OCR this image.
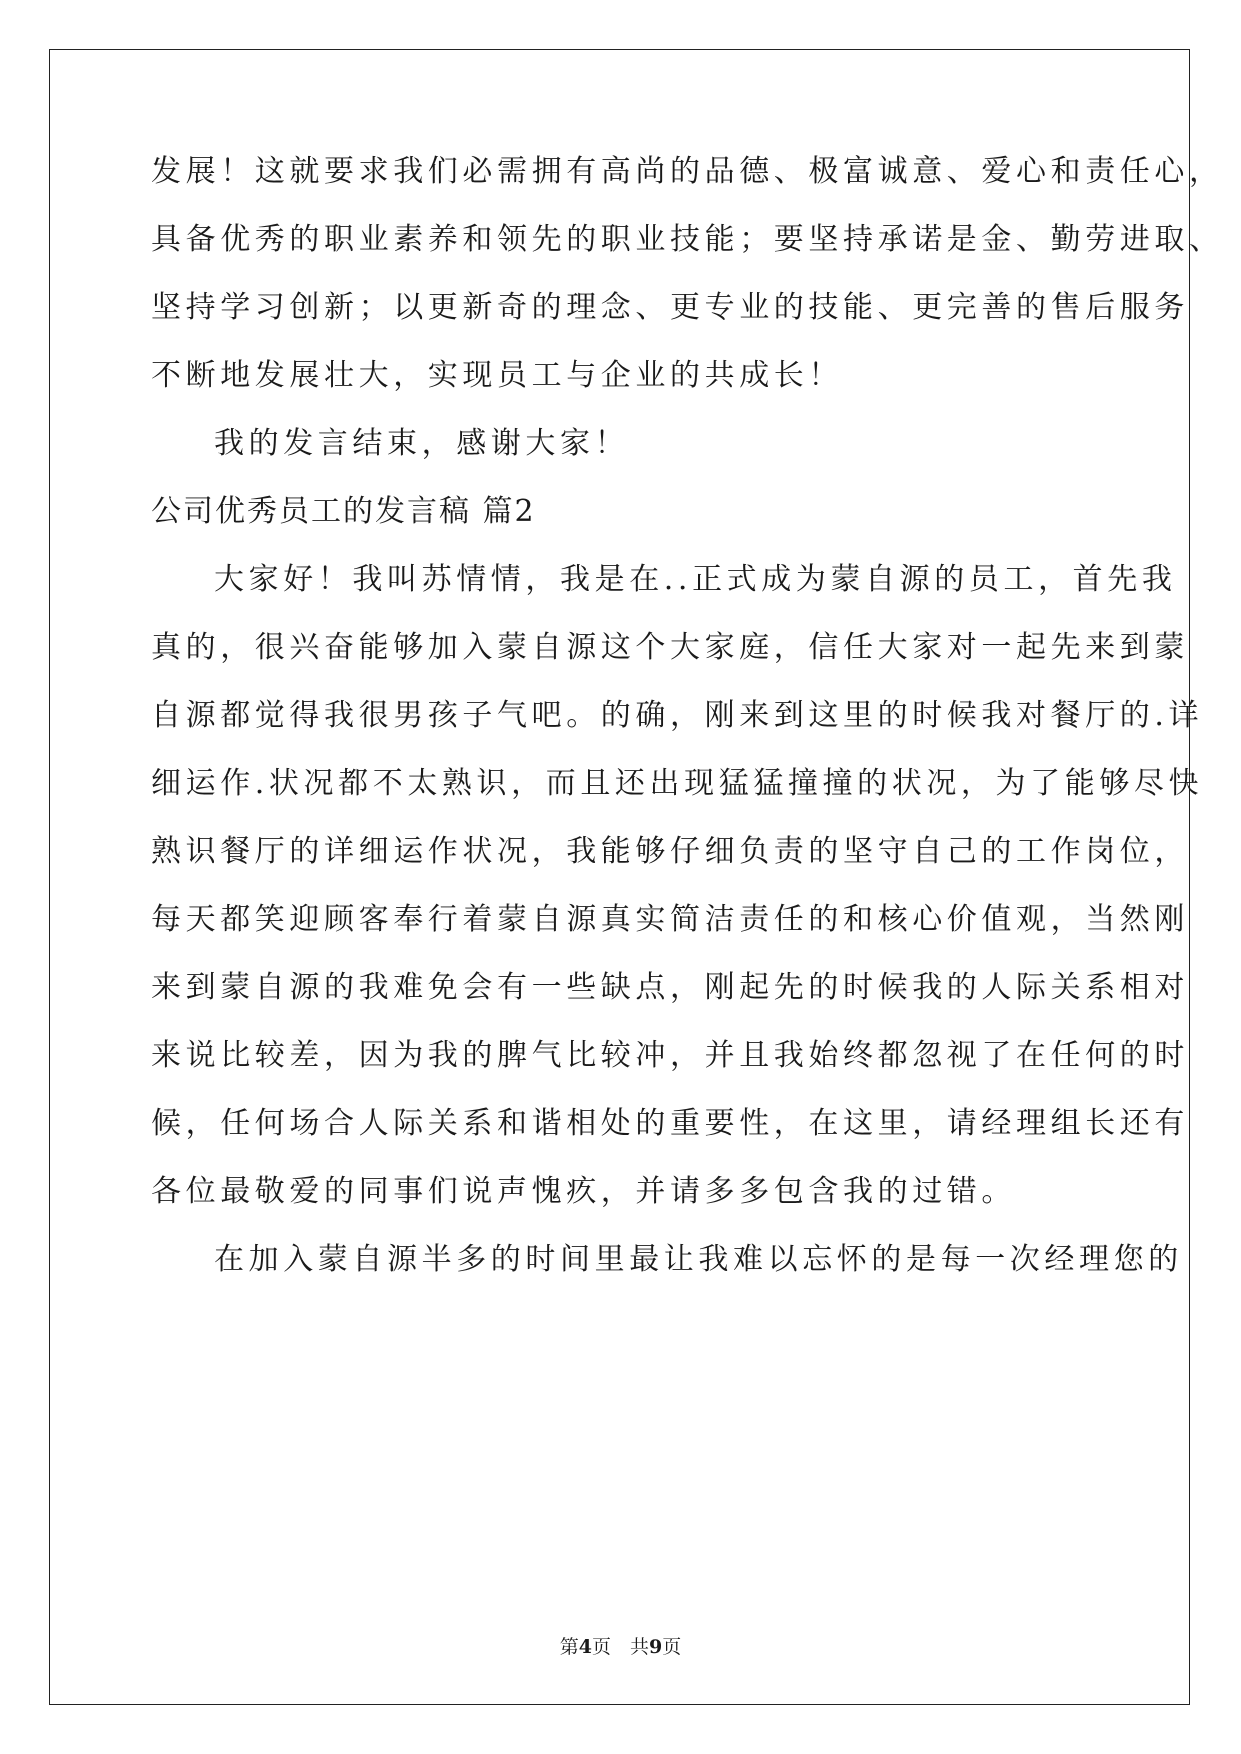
发展！这就要求我们必需拥有高尚的品德、极富诚意、爱心和责任心，
具备优秀的职业素养和领先的职业技能；要坚持承诺是金、勤劳进取、
坚持学习创新；以更新奇的理念、更专业的技能、更完善的售后服务
不断地发展壮大，实现员工与企业的共成长！
我的发言结束，感谢大家！
公司优秀员工的发言稿 篇2
大家好！我叫苏情情，我是在..正式成为蒙自源的员工，首先我
真的，很兴奋能够加入蒙自源这个大家庭，信任大家对一起先来到蒙
自源都觉得我很男孩子气吧。的确，刚来到这里的时候我对餐厅的.详
细运作.状况都不太熟识，而且还出现猛猛撞撞的状况，为了能够尽快
熟识餐厅的详细运作状况，我能够仔细负责的坚守自己的工作岗位，
每天都笑迎顾客奉行着蒙自源真实简洁责任的和核心价值观，当然刚
来到蒙自源的我难免会有一些缺点，刚起先的时候我的人际关系相对
来说比较差，因为我的脾气比较冲，并且我始终都忽视了在任何的时
候，任何场合人际关系和谐相处的重要性，在这里，请经理组长还有
各位最敬爱的同事们说声愧疚，并请多多包含我的过错。
在加入蒙自源半多的时间里最让我难以忘怀的是每一次经理您的
第4页　共9页
